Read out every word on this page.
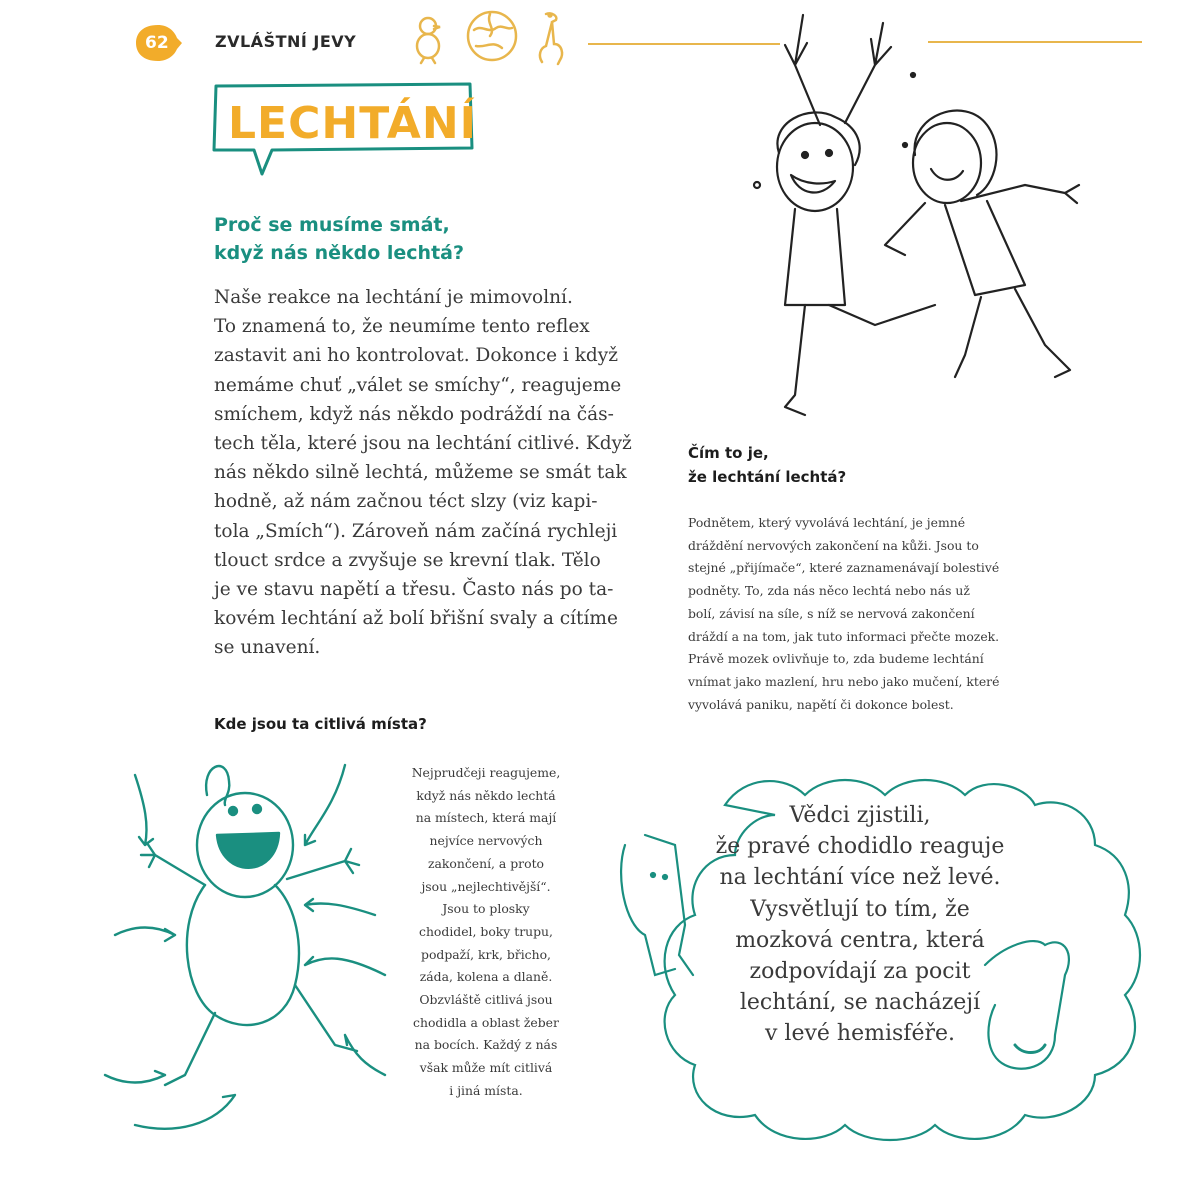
62	ZVLÁŠTNÍ JEVY
LECHTÁNÍ
Proč se musíme smát,
když nás někdo lechtá?
Naše reakce na lechtání je mimovolní.
To znamená to, že neumíme tento reflex
zastavit ani ho kontrolovat. Dokonce i když
nemáme chuť „válet se smíchy“, reagujeme
smíchem, když nás někdo podráždí na čás-
tech těla, které jsou na lechtání citlivé. Když
nás někdo silně lechtá, můžeme se smát tak
hodně, až nám začnou téct slzy (viz kapi-
tola „Smích“). Zároveň nám začíná rychleji
tlouct srdce a zvyšuje se krevní tlak. Tělo
je ve stavu napětí a třesu. Často nás po ta-
kovém lechtání až bolí břišní svaly a cítíme
se unavení.
Čím to je,
že lechtání lechtá?
Podnětem, který vyvolává lechtání, je jemné
dráždění nervových zakončení na kůži. Jsou to
stejné „přijímače“, které zaznamenávají bolestivé
podněty. To, zda nás něco lechtá nebo nás už
bolí, závisí na síle, s níž se nervová zakončení
dráždí a na tom, jak tuto informaci přečte mozek.
Právě mozek ovlivňuje to, zda budeme lechtání
vnímat jako mazlení, hru nebo jako mučení, které
vyvolává paniku, napětí či dokonce bolest.
Kde jsou ta citlivá místa?
Nejprudčeji reagujeme,
když nás někdo lechtá
na místech, která mají
nejvíce nervových
zakončení, a proto
jsou „nejlechtivější“.
Jsou to plosky
chodidel, boky trupu,
podpaží, krk, břicho,
záda, kolena a dlaně.
Obzvláště citlivá jsou
chodidla a oblast žeber
na bocích. Každý z nás
však může mít citlivá
i jiná místa.
Vědci zjistili,
že pravé chodidlo reaguje
na lechtání více než levé.
Vysvětlují to tím, že
mozková centra, která
zodpovídají za pocit
lechtání, se nacházejí
v levé hemisféře.
